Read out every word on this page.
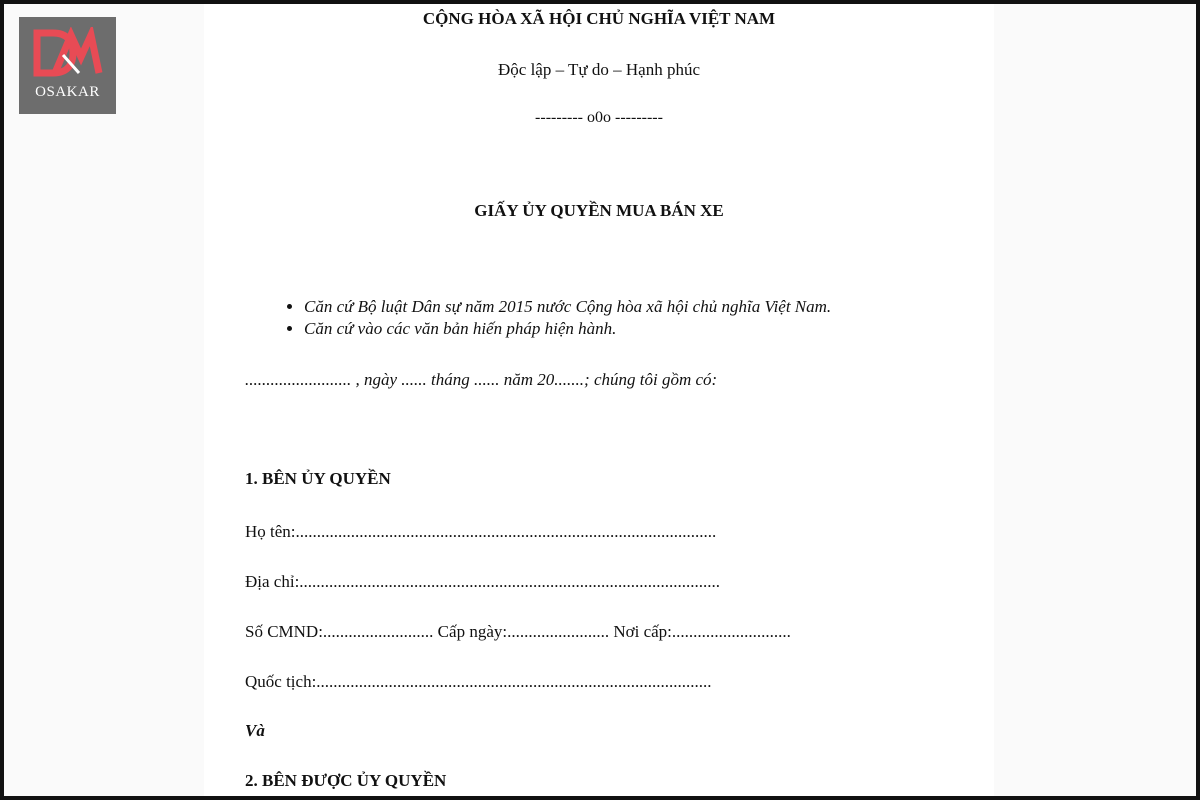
OSAKAR
CỘNG HÒA XÃ HỘI CHỦ NGHĨA VIỆT NAM
Độc lập – Tự do – Hạnh phúc
--------- o0o ---------
GIẤY ỦY QUYỀN MUA BÁN XE
• Căn cứ Bộ luật Dân sự năm 2015 nước Cộng hòa xã hội chủ nghĩa Việt Nam.
• Căn cứ vào các văn bản hiến pháp hiện hành.
......................... , ngày ...... tháng ...... năm 20.......; chúng tôi gồm có:
1. BÊN ỦY QUYỀN
Họ tên:...................................................................................................
Địa chỉ:...................................................................................................
Số CMND:.......................... Cấp ngày:........................ Nơi cấp:............................
Quốc tịch:.............................................................................................
Và
2. BÊN ĐƯỢC ỦY QUYỀN
